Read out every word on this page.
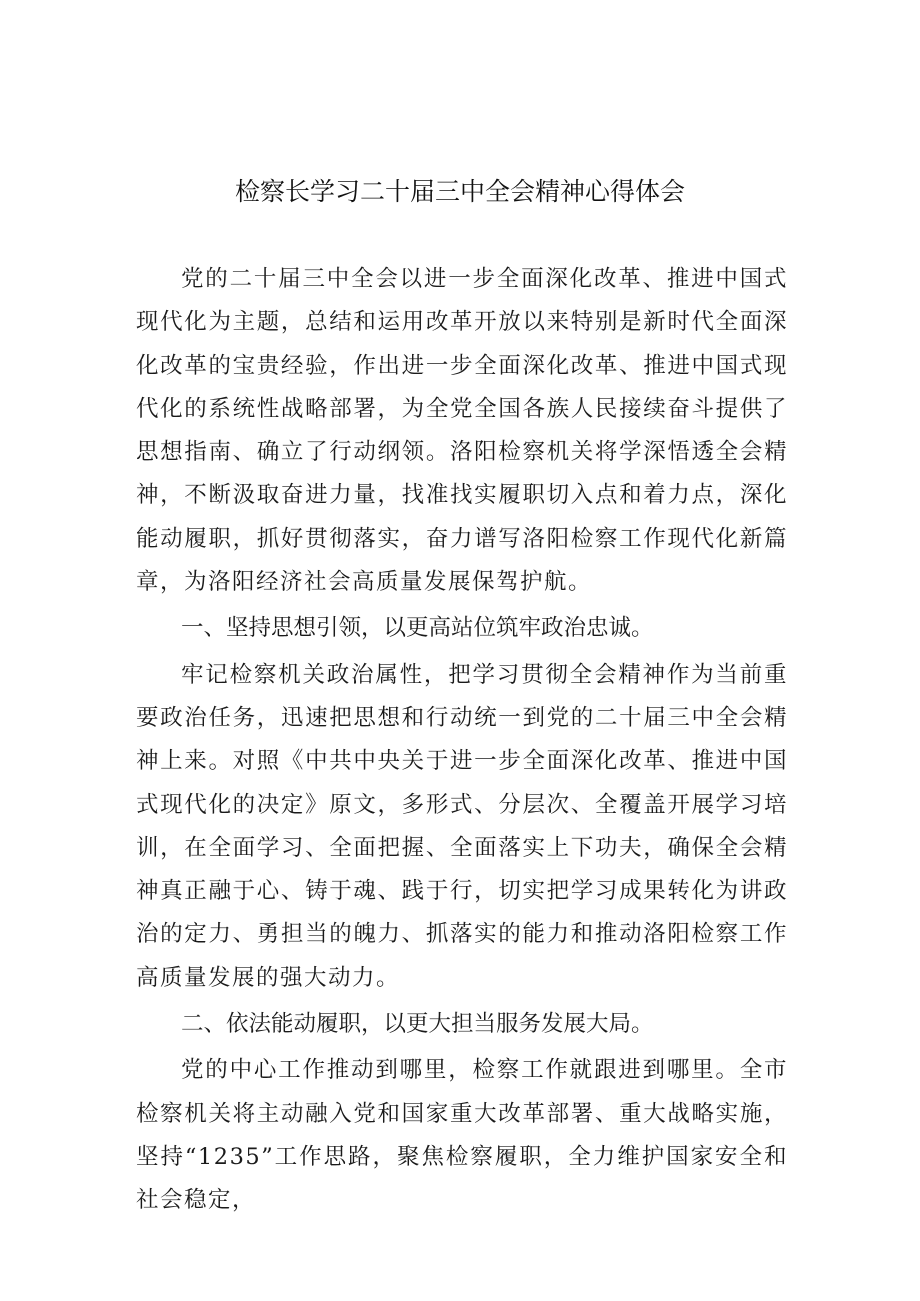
检察长学习二十届三中全会精神心得体会

党的二十届三中全会以进一步全面深化改革、推进中国式现代化为主题，总结和运用改革开放以来特别是新时代全面深化改革的宝贵经验，作出进一步全面深化改革、推进中国式现代化的系统性战略部署，为全党全国各族人民接续奋斗提供了思想指南、确立了行动纲领。洛阳检察机关将学深悟透全会精神，不断汲取奋进力量，找准找实履职切入点和着力点，深化能动履职，抓好贯彻落实，奋力谱写洛阳检察工作现代化新篇章，为洛阳经济社会高质量发展保驾护航。

一、坚持思想引领，以更高站位筑牢政治忠诚。

牢记检察机关政治属性，把学习贯彻全会精神作为当前重要政治任务，迅速把思想和行动统一到党的二十届三中全会精神上来。对照《中共中央关于进一步全面深化改革、推进中国式现代化的决定》原文，多形式、分层次、全覆盖开展学习培训，在全面学习、全面把握、全面落实上下功夫，确保全会精神真正融于心、铸于魂、践于行，切实把学习成果转化为讲政治的定力、勇担当的魄力、抓落实的能力和推动洛阳检察工作高质量发展的强大动力。

二、依法能动履职，以更大担当服务发展大局。

党的中心工作推动到哪里，检察工作就跟进到哪里。全市检察机关将主动融入党和国家重大改革部署、重大战略实施，坚持“1235”工作思路，聚焦检察履职，全力维护国家安全和社会稳定，
